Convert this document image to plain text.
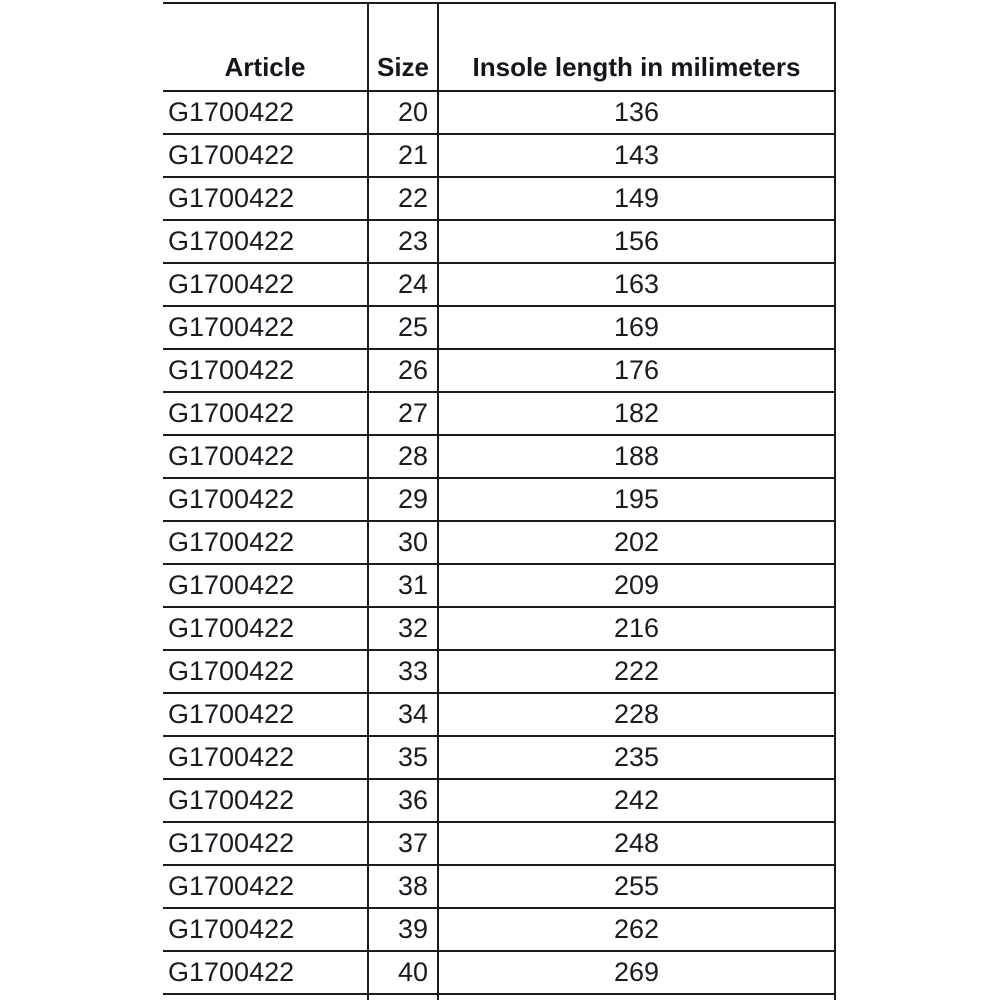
Article	Size	Insole length in milimeters
G1700422	20	136
G1700422	21	143
G1700422	22	149
G1700422	23	156
G1700422	24	163
G1700422	25	169
G1700422	26	176
G1700422	27	182
G1700422	28	188
G1700422	29	195
G1700422	30	202
G1700422	31	209
G1700422	32	216
G1700422	33	222
G1700422	34	228
G1700422	35	235
G1700422	36	242
G1700422	37	248
G1700422	38	255
G1700422	39	262
G1700422	40	269
